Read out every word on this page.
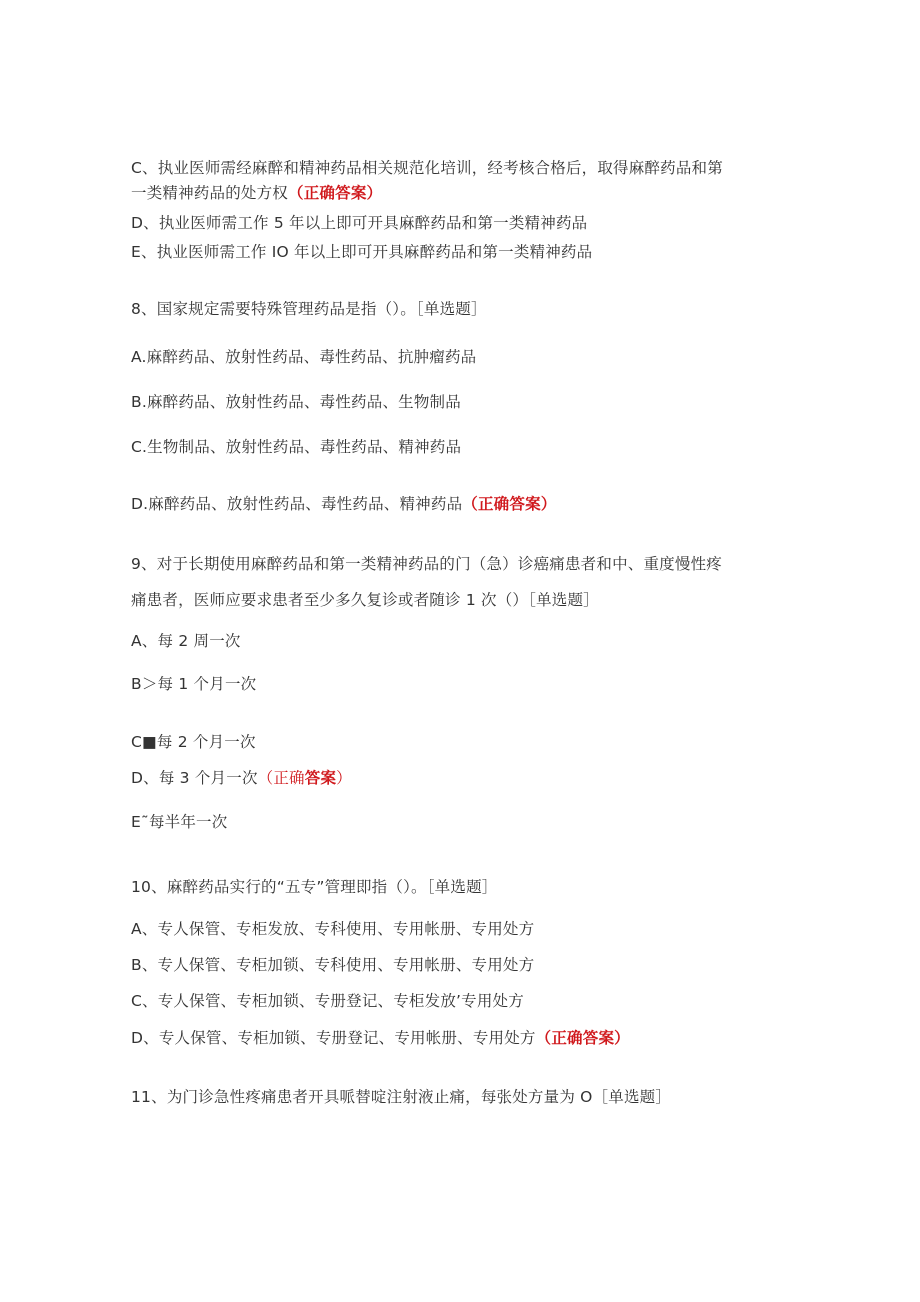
C、执业医师需经麻醉和精神药品相关规范化培训，经考核合格后，取得麻醉药品和第
一类精神药品的处方权（正确答案）
D、执业医师需工作 5 年以上即可开具麻醉药品和第一类精神药品
E、执业医师需工作 IO 年以上即可开具麻醉药品和第一类精神药品
8、国家规定需要特殊管理药品是指（）。［单选题］
A.麻醉药品、放射性药品、毒性药品、抗肿瘤药品
B.麻醉药品、放射性药品、毒性药品、生物制品
C.生物制品、放射性药品、毒性药品、精神药品
D.麻醉药品、放射性药品、毒性药品、精神药品（正确答案）
9、对于长期使用麻醉药品和第一类精神药品的门（急）诊癌痛患者和中、重度慢性疼
痛患者，医师应要求患者至少多久复诊或者随诊 1 次（）［单选题］
A、每 2 周一次
B＞每 1 个月一次
C■每 2 个月一次
D、每 3 个月一次（正确答案）
E˜每半年一次
10、麻醉药品实行的“五专”管理即指（）。［单选题］
A、专人保管、专柜发放、专科使用、专用帐册、专用处方
B、专人保管、专柜加锁、专科使用、专用帐册、专用处方
C、专人保管、专柜加锁、专册登记、专柜发放’专用处方
D、专人保管、专柜加锁、专册登记、专用帐册、专用处方（正确答案）
11、为门诊急性疼痛患者开具哌替啶注射液止痛，每张处方量为 O［单选题］
